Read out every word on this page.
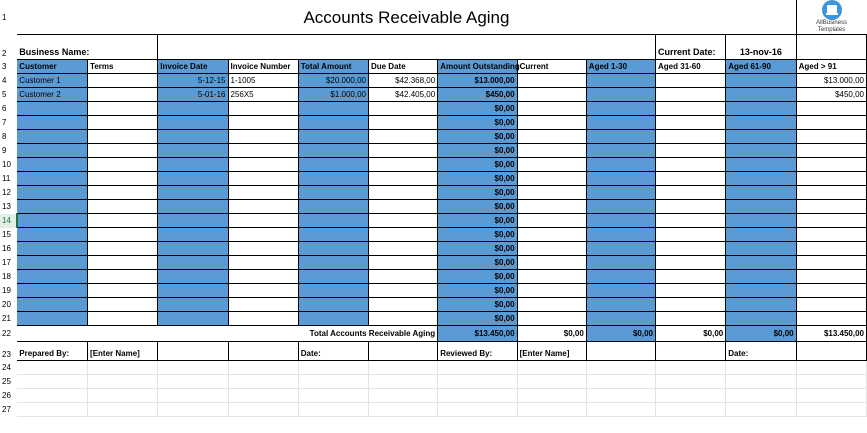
1	Accounts Receivable Aging											AllBusiness
Templates

2	Business Name:									Current Date:	13-nov-16	
3	Customer	Terms	Invoice Date	Invoice Number	Total Amount	Due Date	Amount Outstanding	Current	Aged 1-30	Aged 31-60	Aged 61-90	Aged > 91
4	Customer 1		5-12-15	1-1005	$20.000,00	$42.368,00	$13.000,00					$13.000,00
5	Customer 2		5-01-16	256X5	$1.000,00	$42.405,00	$450,00					$450,00
6							$0,00					
7							$0,00					
8							$0,00					
9							$0,00					
10							$0,00					
11							$0,00					
12							$0,00					
13							$0,00					
14							$0,00					
15							$0,00					
16							$0,00					
17							$0,00					
18							$0,00					
19							$0,00					
20							$0,00					
21							$0,00					
22	Total Accounts Receivable Aging						$13.450,00	$0,00	$0,00	$0,00	$0,00	$13.450,00
23	Prepared By:	[Enter Name]			Date:		Reviewed By:	[Enter Name]			Date:	
24												
25												
26												
27												
